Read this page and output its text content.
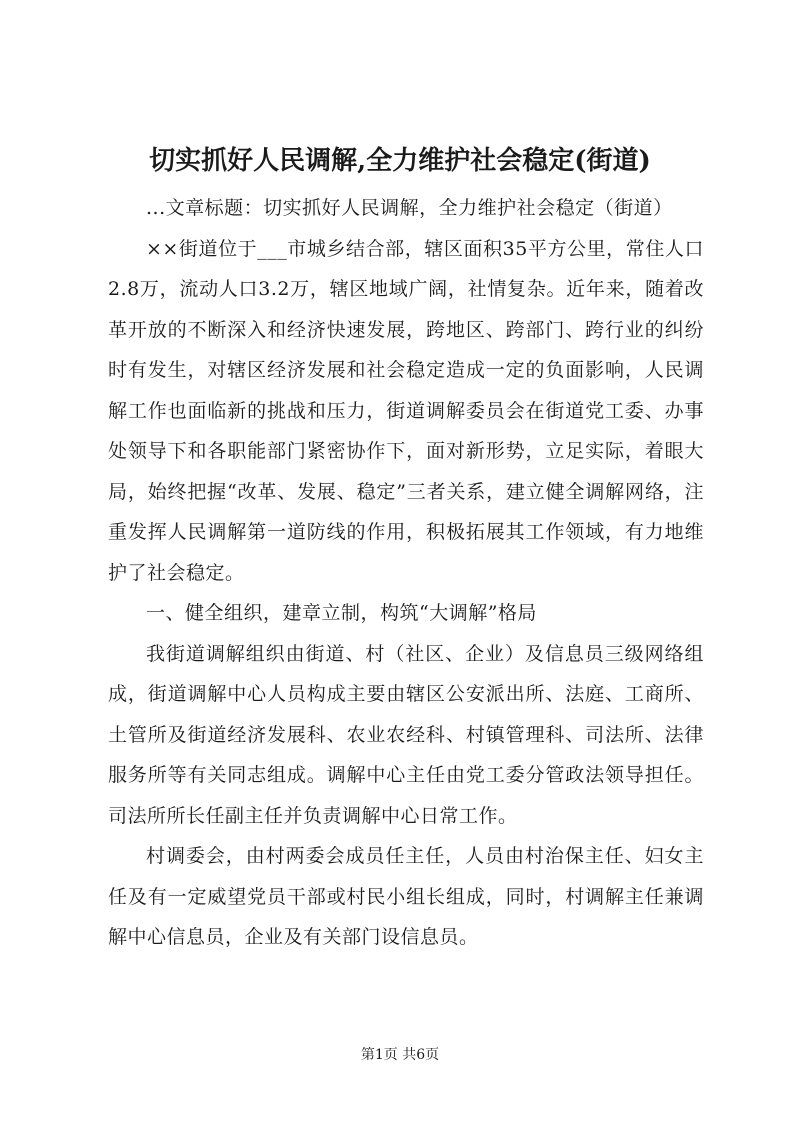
切实抓好人民调解,全力维护社会稳定(街道)

...文章标题：切实抓好人民调解，全力维护社会稳定（街道）

××街道位于___市城乡结合部，辖区面积35平方公里，常住人口2.8万，流动人口3.2万，辖区地域广阔，社情复杂。近年来，随着改革开放的不断深入和经济快速发展，跨地区、跨部门、跨行业的纠纷时有发生，对辖区经济发展和社会稳定造成一定的负面影响，人民调解工作也面临新的挑战和压力，街道调解委员会在街道党工委、办事处领导下和各职能部门紧密协作下，面对新形势，立足实际，着眼大局，始终把握“改革、发展、稳定”三者关系，建立健全调解网络，注重发挥人民调解第一道防线的作用，积极拓展其工作领域，有力地维护了社会稳定。

一、健全组织，建章立制，构筑“大调解”格局

我街道调解组织由街道、村（社区、企业）及信息员三级网络组成，街道调解中心人员构成主要由辖区公安派出所、法庭、工商所、土管所及街道经济发展科、农业农经科、村镇管理科、司法所、法律服务所等有关同志组成。调解中心主任由党工委分管政法领导担任。司法所所长任副主任并负责调解中心日常工作。

村调委会，由村两委会成员任主任，人员由村治保主任、妇女主任及有一定威望党员干部或村民小组长组成，同时，村调解主任兼调解中心信息员，企业及有关部门设信息员。

第1页 共6页
